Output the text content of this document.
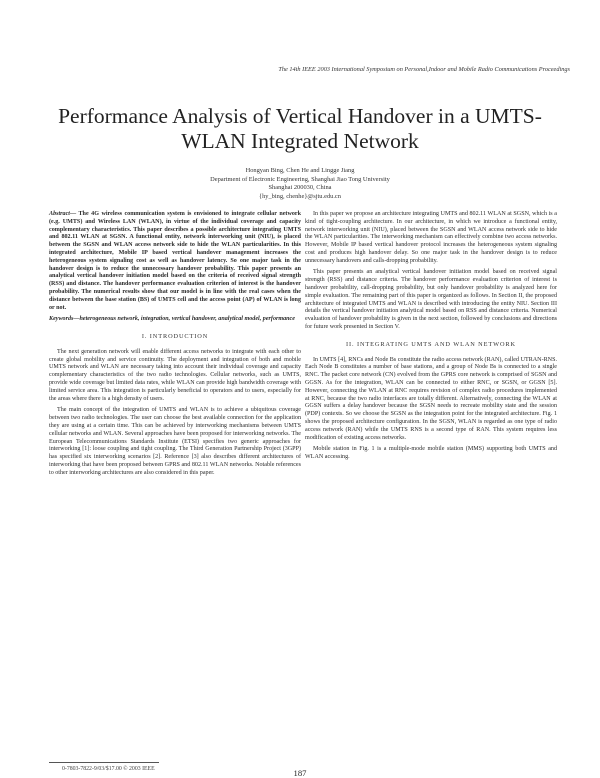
The 14th IEEE 2003 International Symposium on Personal,Indoor and Mobile Radio Communications Proceedings
Performance Analysis of Vertical Handover in a UMTS-WLAN Integrated Network
Hongyan Bing, Chen He and Lingge Jiang
Department of Electronic Engineering, Shanghai Jiao Tong University
Shanghai 200030, China
{hy_bing, chenhe}@sjtu.edu.cn

Abstract— The 4G wireless communication system is envisioned to integrate cellular network (e.g. UMTS) and Wireless LAN (WLAN), in virtue of the individual coverage and capacity complementary characteristics. This paper describes a possible architecture integrating UMTS and 802.11 WLAN at SGSN. A functional entity, network interworking unit (NIU), is placed between the SGSN and WLAN access network side to hide the WLAN particularities. In this integrated architecture, Mobile IP based vertical handover management increases the heterogeneous system signaling cost as well as handover latency. So one major task in the handover design is to reduce the unnecessary handover probability. This paper presents an analytical vertical handover initiation model based on the criteria of received signal strength (RSS) and distance. The handover performance evaluation criterion of interest is the handover probability. The numerical results show that our model is in line with the real cases when the distance between the base station (BS) of UMTS cell and the access point (AP) of WLAN is long or not.

Keywords—heterogeneous network, integration, vertical handover, analytical model, performance

I. INTRODUCTION

The next generation network will enable different access networks to integrate with each other to create global mobility and service continuity. The deployment and integration of both and mobile UMTS network and WLAN are necessary taking into account their individual coverage and capacity complementary characteristics of the two radio technologies. Cellular networks, such as UMTS, provide wide coverage but limited data rates, while WLAN can provide high bandwidth coverage with limited service area. This integration is particularly beneficial to operators and to users, especially for the areas where there is a high density of users.

The main concept of the integration of UMTS and WLAN is to achieve a ubiquitous coverage between two radio technologies. The user can choose the best available connection for the application they are using at a certain time. This can be achieved by interworking mechanisms between UMTS cellular networks and WLAN. Several approaches have been proposed for interworking networks. The European Telecommunications Standards Institute (ETSI) specifies two generic approaches for interworking [1]: loose coupling and tight coupling. The Third Generation Partnership Project (3GPP) has specified six interworking scenarios [2]. Reference [3] also describes different architectures of interworking that have been proposed between GPRS and 802.11 WLAN networks. Notable references to other interworking architectures are also considered in this paper.

In this paper we propose an architecture integrating UMTS and 802.11 WLAN at SGSN, which is a kind of tight-coupling architecture. In our architecture, in which we introduce a functional entity, network interworking unit (NIU), placed between the SGSN and WLAN access network side to hide the WLAN particularities. The interworking mechanism can effectively combine two access networks. However, Mobile IP based vertical handover protocol increases the heterogeneous system signaling cost and produces high handover delay. So one major task in the handover design is to reduce unnecessary handovers and calls-dropping probability.

This paper presents an analytical vertical handover initiation model based on received signal strength (RSS) and distance criteria. The handover performance evaluation criterion of interest is handover probability, call-dropping probability, but only handover probability is analyzed here for simple evaluation. The remaining part of this paper is organized as follows. In Section II, the proposed architecture of integrated UMTS and WLAN is described with introducing the entity NIU. Section III details the vertical handover initiation analytical model based on RSS and distance criteria. Numerical evaluation of handover probability is given in the next section, followed by conclusions and directions for future work presented in Section V.

II. INTEGRATING UMTS AND WLAN NETWORK

In UMTS [4], RNCs and Node Bs constitute the radio access network (RAN), called UTRAN-RNS. Each Node B constitutes a number of base stations, and a group of Node Bs is connected to a single RNC. The packet core network (CN) evolved from the GPRS core network is comprised of SGSN and GGSN. As for the integration, WLAN can be connected to either RNC, or SGSN, or GGSN [5]. However, connecting the WLAN at RNC requires revision of complex radio procedures implemented at RNC, because the two radio interfaces are totally different. Alternatively, connecting the WLAN at GGSN suffers a delay handover because the SGSN needs to recreate mobility state and the session (PDP) contexts. So we choose the SGSN as the integration point for the integrated architecture. Fig. 1 shows the proposed architecture configuration. In the SGSN, WLAN is regarded as one type of radio access network (RAN) while the UMTS RNS is a second type of RAN. This system requires less modification of existing access networks.

Mobile station in Fig. 1 is a multiple-mode mobile station (MMS) supporting both UMTS and WLAN accessing.

0-7803-7822-9/03/$17.00 © 2003 IEEE	187
